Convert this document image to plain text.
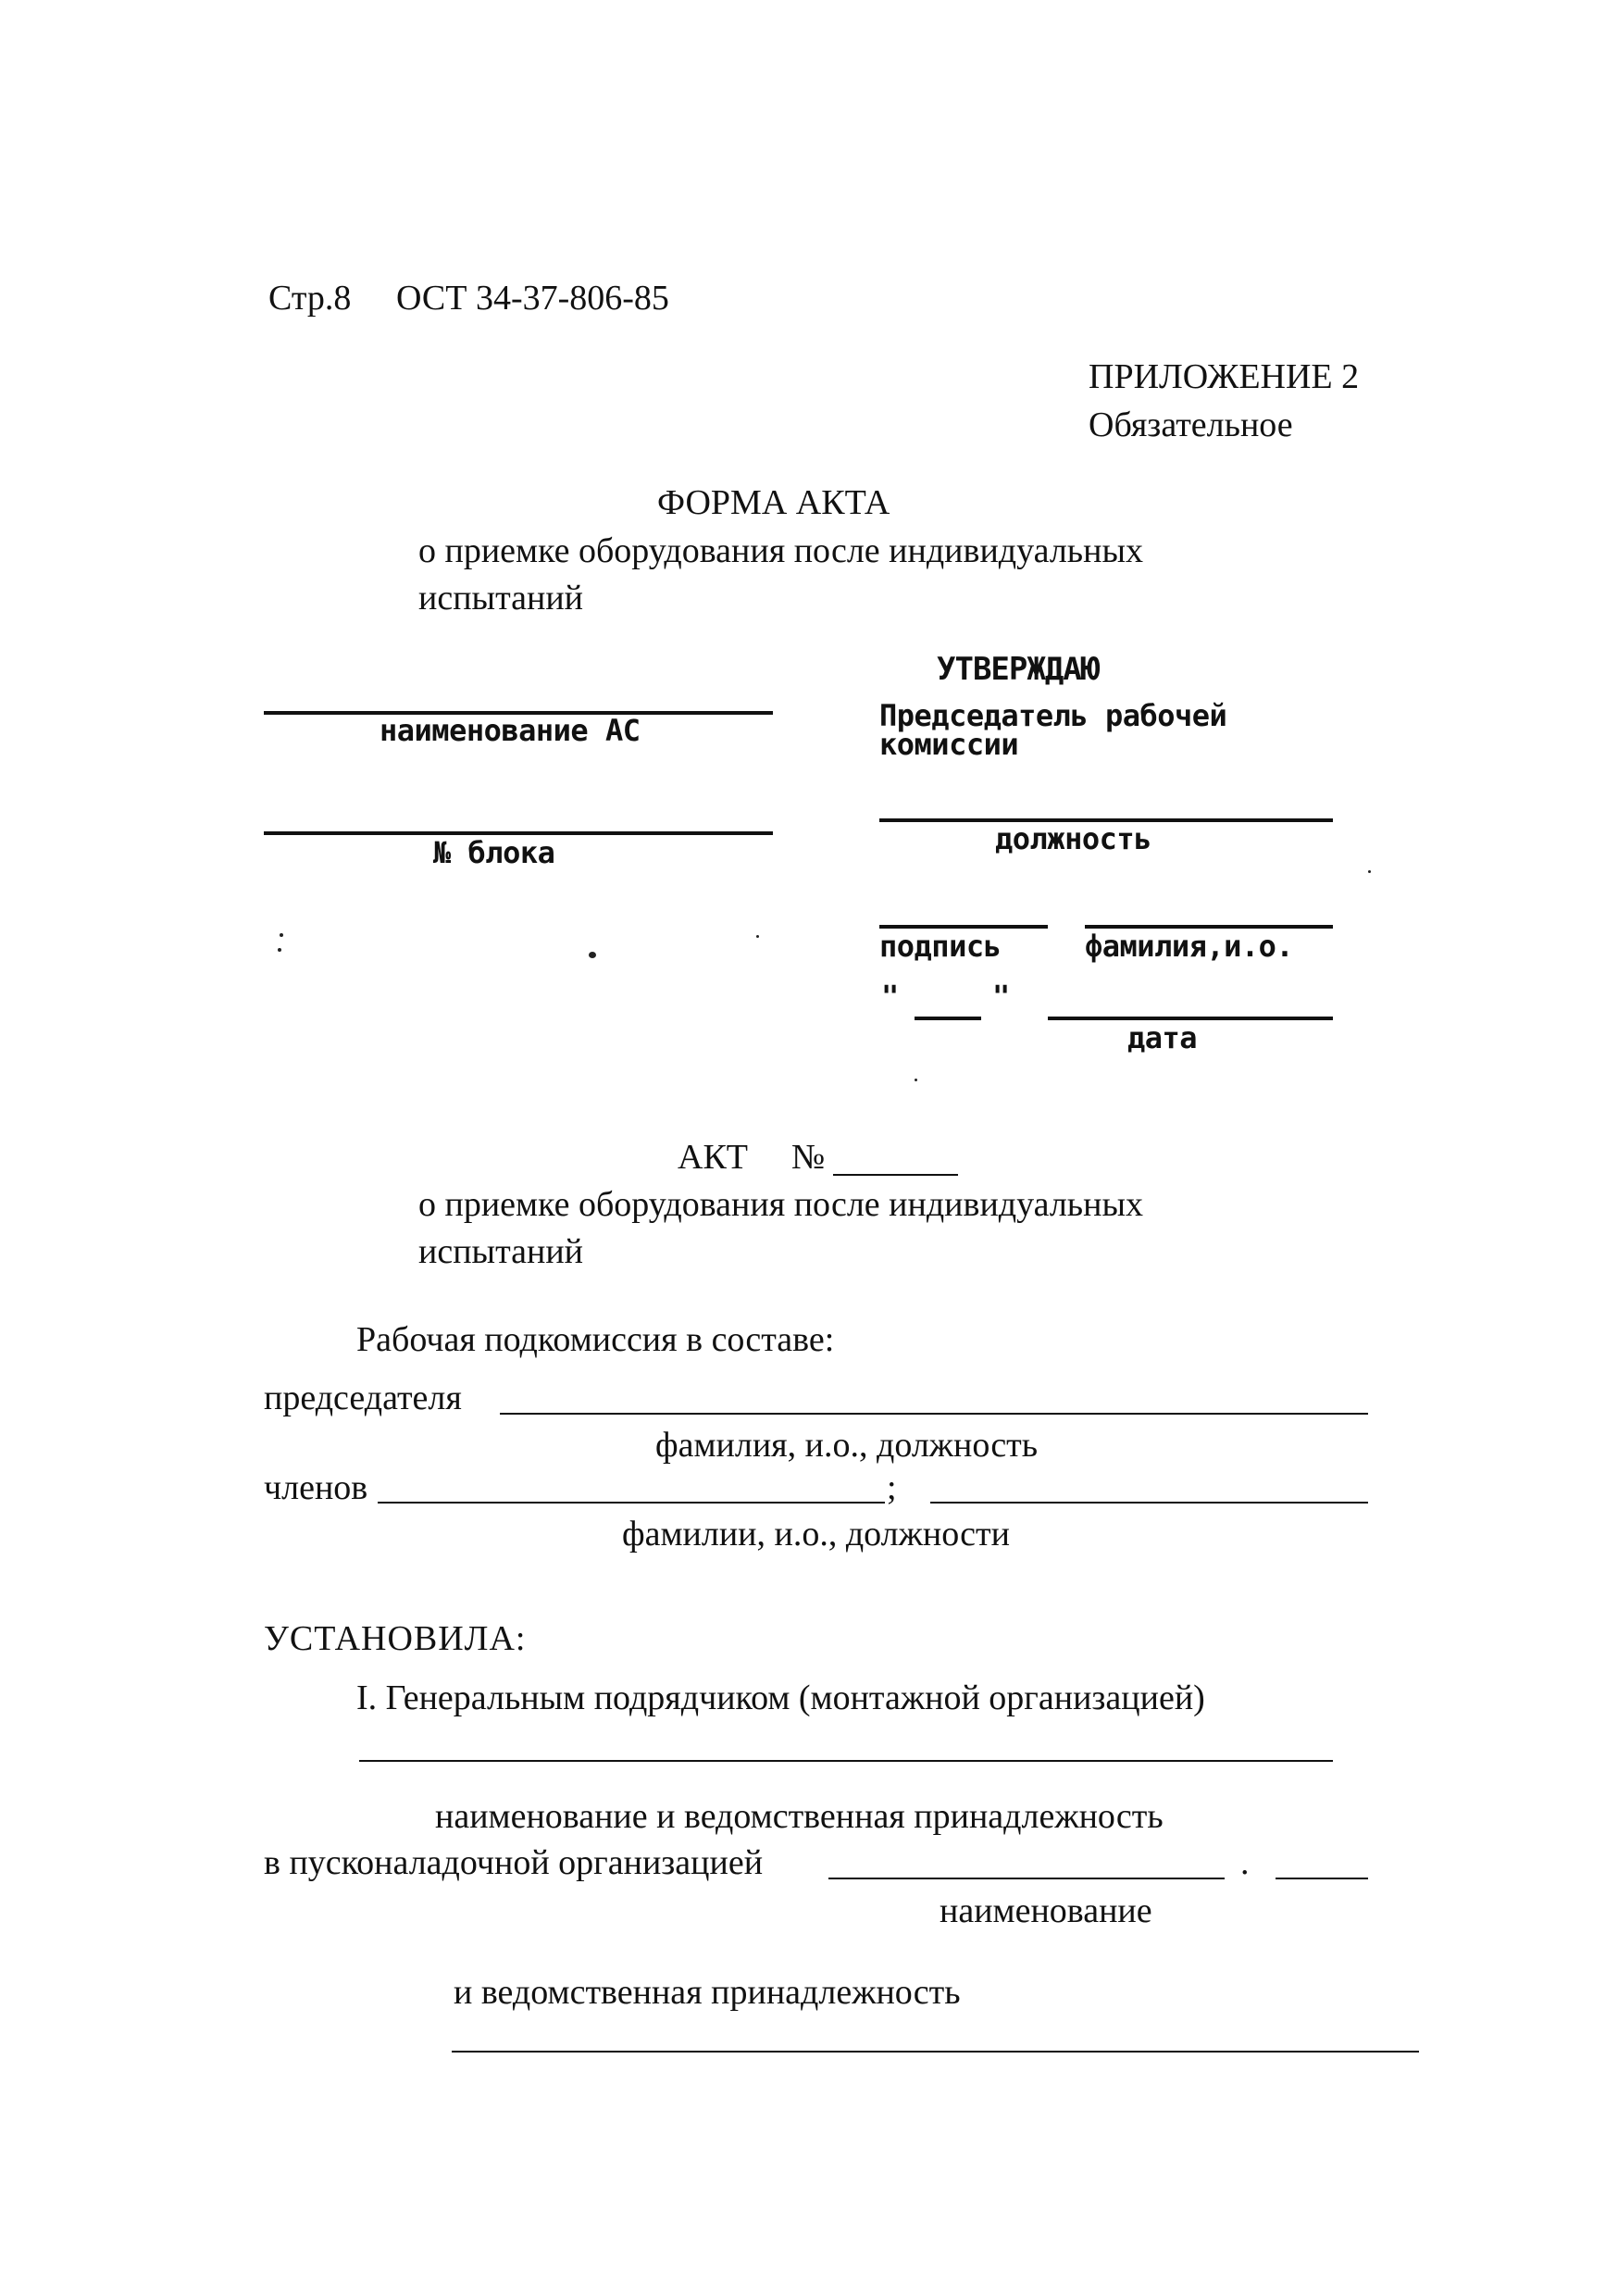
Стр.8 ОСТ 34-37-806-85
ПРИЛОЖЕНИЕ 2
Обязательное
ФОРМА АКТА
о приемке оборудования после индивидуальных
испытаний
наименование АС
№ блока
УТВЕРЖДАЮ
Председатель рабочей
комиссии
должность
подпись	фамилия,и.о.
"	"
дата
АКТ №
о приемке оборудования после индивидуальных
испытаний
Рабочая подкомиссия в составе:
председателя
фамилия, и.о., должность
членов	;
фамилии, и.о., должности
УСТАНОВИЛА:
I. Генеральным подрядчиком (монтажной организацией)
наименование и ведомственная принадлежность
в пусконаладочной организацией	.
наименование
и ведомственная принадлежность
